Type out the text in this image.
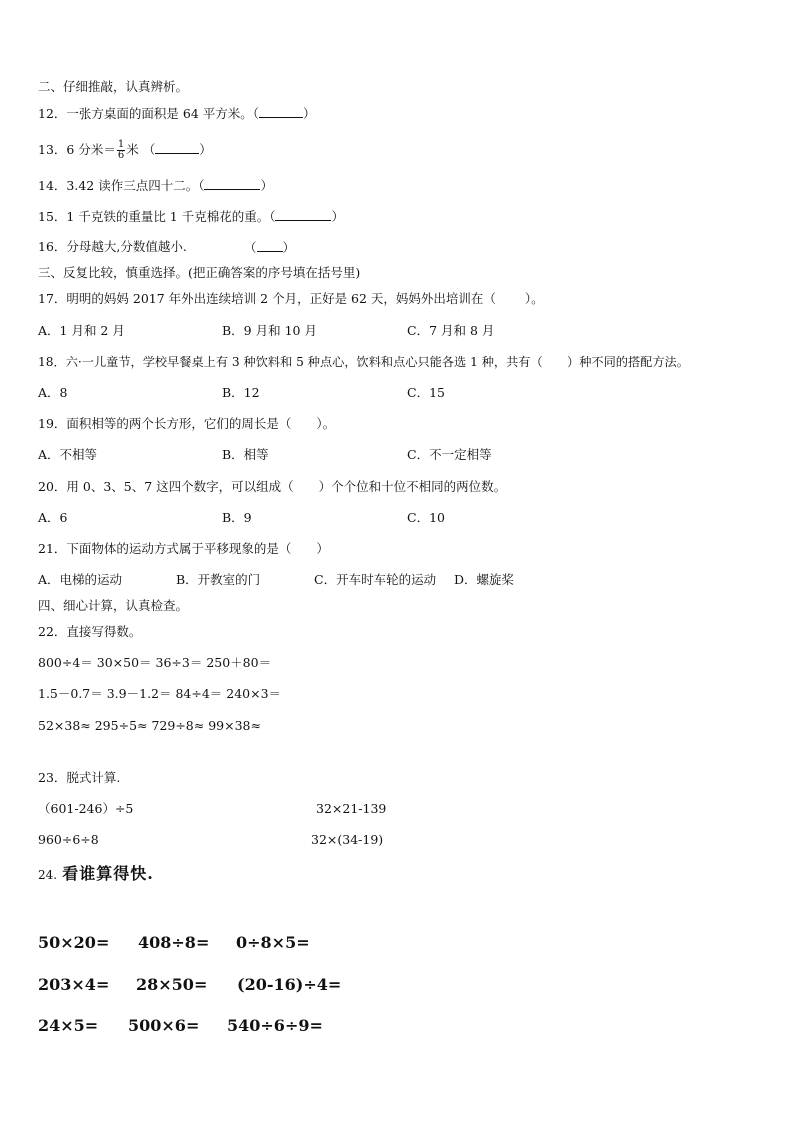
二、仔细推敲，认真辨析。
12．一张方桌面的面积是 64 平方米。（	）
13．6 分米＝ $\frac{1}{6}$ 米 （	）
14．3.42 读作三点四十二。（	）
15．1 千克铁的重量比 1 千克棉花的重。（	）
16．分母越大,分数值越小.	（ ）
三、反复比较，慎重选择。(把正确答案的序号填在括号里)
17．明明的妈妈 2017 年外出连续培训 2 个月，正好是 62 天，妈妈外出培训在（　　 ）。
A．1 月和 2 月	B．9 月和 10 月	C．7 月和 8 月
18．六·一儿童节，学校早餐桌上有 3 种饮料和 5 种点心，饮料和点心只能各选 1 种，共有（　　）种不同的搭配方法。
A．8	B．12	C．15
19．面积相等的两个长方形，它们的周长是（　　）。
A．不相等	B．相等	C．不一定相等
20．用 0、3、5、7 这四个数字，可以组成（　　）个个位和十位不相同的两位数。
A．6	B．9	C．10
21．下面物体的运动方式属于平移现象的是（　　）
A．电梯的运动	B．开教室的门	C．开车时车轮的运动 D．螺旋桨
四、细心计算，认真检查。
22．直接写得数。
800÷4＝ 30×50＝ 36÷3＝ 250＋80＝
1.5－0.7＝ 3.9－1.2＝ 84÷4＝ 240×3＝
52×38≈ 295÷5≈ 729÷8≈ 99×38≈
23．脱式计算.
（601-246）÷5	32×21-139
960÷6÷8	32×(34-19)
24. 看谁算得快.
50×20= 408÷8= 0÷8×5=
203×4= 28×50= (20-16)÷4=
24×5= 500×6= 540÷6÷9=
